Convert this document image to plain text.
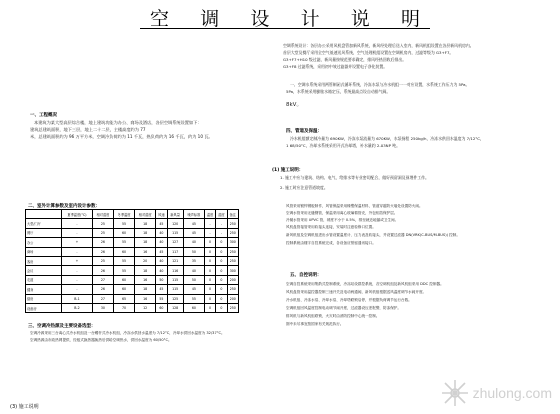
空 调 设 计 说 明
一、工程概况
本建筑为某大型高层综合楼，地上建筑功能为办公、商场及酒店，各层空调系统设置如下：
建筑总建筑面积，地下三层，地上二十二层，主楼高度约为 77
米，总建筑面积约为 96 万平方米，空调冷负荷约为 11 千瓦，热负荷约为 16 千瓦，约为 10 瓦。
二、室外计算参数及室内设计参数：
	夏季温度(°C)	相对湿度	冬季温度	相对湿度	风速	新风量	噪声标准	温度	湿度	备注
大堂/门厅	-	25	55	18	45	120	45	-	-	250
餐厅	-	25	60	18	40	115	45	-	-	250
办公	+	26	55	18	40	127	40	0	0	300
商场	-	26	60	16	45	117	50	0	0	250
客房	+	25	55	20	40	121	35	0	0	250
会议	-	26	55	18	40	116	40	0	0	300
走道	-	27	60	16	50	115	50	0	0	200
健身	-	26	60	18	45	115	45	0	0	250
厨房	B-1	27	65	16	55	125	55	0	0	200
设备房	B-2	30	70	12	60	128	60	0	0	250
三、空调冷热源及主要设备选型：
空调冷源采用三台离心式冷水机组及一台螺杆式冷水机组，冷冻水供回水温度为 7/12°C，冷却水供回水温度为 32/37°C。
空调热源由市政热网提供，经板式换热器换热后供给空调热水，供回水温度为 60/50°C。
(3) 施工说明
空调系统设计：各层办公采用风机盘管加新风系统，新风经处理后送入室内，新风机组设置在各层新风机房内。
首层大堂及餐厅采用全空气低速送风系统，空气处理机组设置在空调机房内，过滤等级为 G3+F7。
G3+F7+H10 级过滤，新风量按规范要求确定，排风经热回收后排出。
G3+F8 过滤系统，采用初中效过滤器并设置电子净化装置。
一、空调水系统采用两管制闭式循环系统，冷冻水泵与冷水机组一一对应设置，水系统工作压力为 5Pa。
5Pa，水系统采用膨胀水箱定压，系统最高点设自动排气阀。
8kV。
四、管道及保温：
冷水机组额定制冷量为 690KW，冷冻水泵流量为 670KW，水泵扬程 250kg/h，冷冻水供回水温度为 7/12°C，
1 68/50°C，冷却水系统采用开式冷却塔，补水量约 2-03NP 吨。
(1) 施工说明：
1. 施工中应与建筑、结构、电气、给排水等专业密切配合，做好预留洞及预埋件工作。
2. 施工时应注意管道坡度。
风管采用镀锌钢板制作，风管保温采用橡塑保温材料，管道穿越防火墙处设置防火阀。
空调水管采用无缝钢管，保温采用离心玻璃棉管壳，外包铝箔保护层。
冷凝水管采用 UPVC 管，坡度不小于 0.5%，排至就近地漏或卫生间。
风机盘管接管采用软接头连接，安装时注意检修口位置。
新风机组及空调机组进出水管设置温度计、压力表及软接头，并设置过滤器 DN(VRK(C-BUS/M-BUS)) 控制。
控制系统由楼宇自控系统完成，各设备应预留通讯接口。
五、自控说明：
空调自控系统采用集散式控制系统，冷冻站设群控系统，各空调机组及新风机组采用 DDC 控制器。
风机盘管采用温控器控制三速开关及电动两通阀，新风机组根据送风温度调节水阀开度。
冷水机组、冷冻水泵、冷却水泵、冷却塔联锁启停，并根据负荷调节运行台数。
空调机组回风温度控制电动调节阀开度，过滤器设压差报警，防冻保护。
排风机与新风机组联锁，火灾时由消防控制中心统一控制。
图中未尽事宜按国家有关规范执行。
zhulong.com
